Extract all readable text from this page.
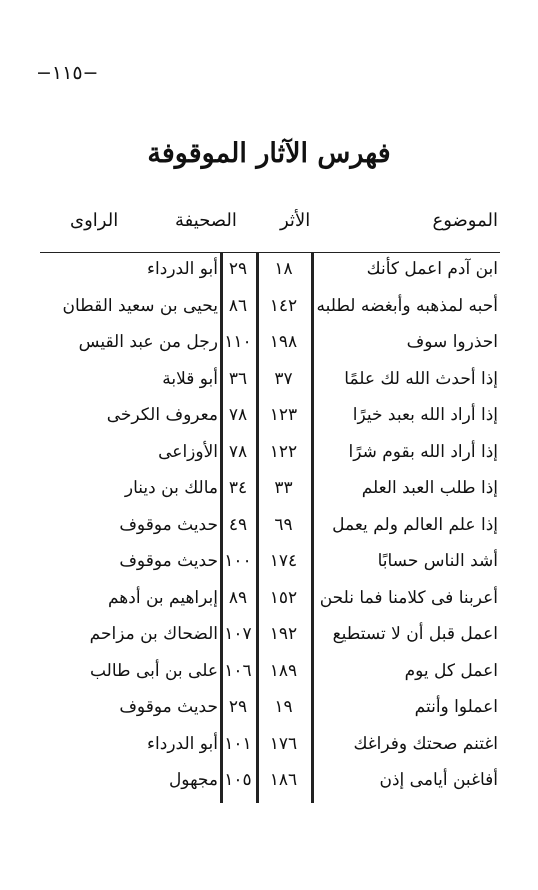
−١١٥−
فهرس الآثار الموقوفة
الموضوع
الأثر
الصحيفة
الراوى
ابن آدم اعمل كأنك
١٨
٢٩
أبو الدرداء
أحبه لمذهبه وأبغضه لطلبه
١٤٢
٨٦
يحيى بن سعيد القطان
احذروا سوف
١٩٨
١١٠
رجل من عبد القيس
إذا أحدث الله لك علمًا
٣٧
٣٦
أبو قلابة
إذا أراد الله بعبد خيرًا
١٢٣
٧٨
معروف الكرخى
إذا أراد الله بقوم شرًا
١٢٢
٧٨
الأوزاعى
إذا طلب العبد العلم
٣٣
٣٤
مالك بن دينار
إذا علم العالم ولم يعمل
٦٩
٤٩
حديث موقوف
أشد الناس حسابًا
١٧٤
١٠٠
حديث موقوف
أعربنا فى كلامنا فما نلحن
١٥٢
٨٩
إبراهيم بن أدهم
اعمل قبل أن لا تستطيع
١٩٢
١٠٧
الضحاك بن مزاحم
اعمل كل يوم
١٨٩
١٠٦
على بن أبى طالب
اعملوا وأنتم
١٩
٢٩
حديث موقوف
اغتنم صحتك وفراغك
١٧٦
١٠١
أبو الدرداء
أفاغبن أيامى إذن
١٨٦
١٠٥
مجهول
